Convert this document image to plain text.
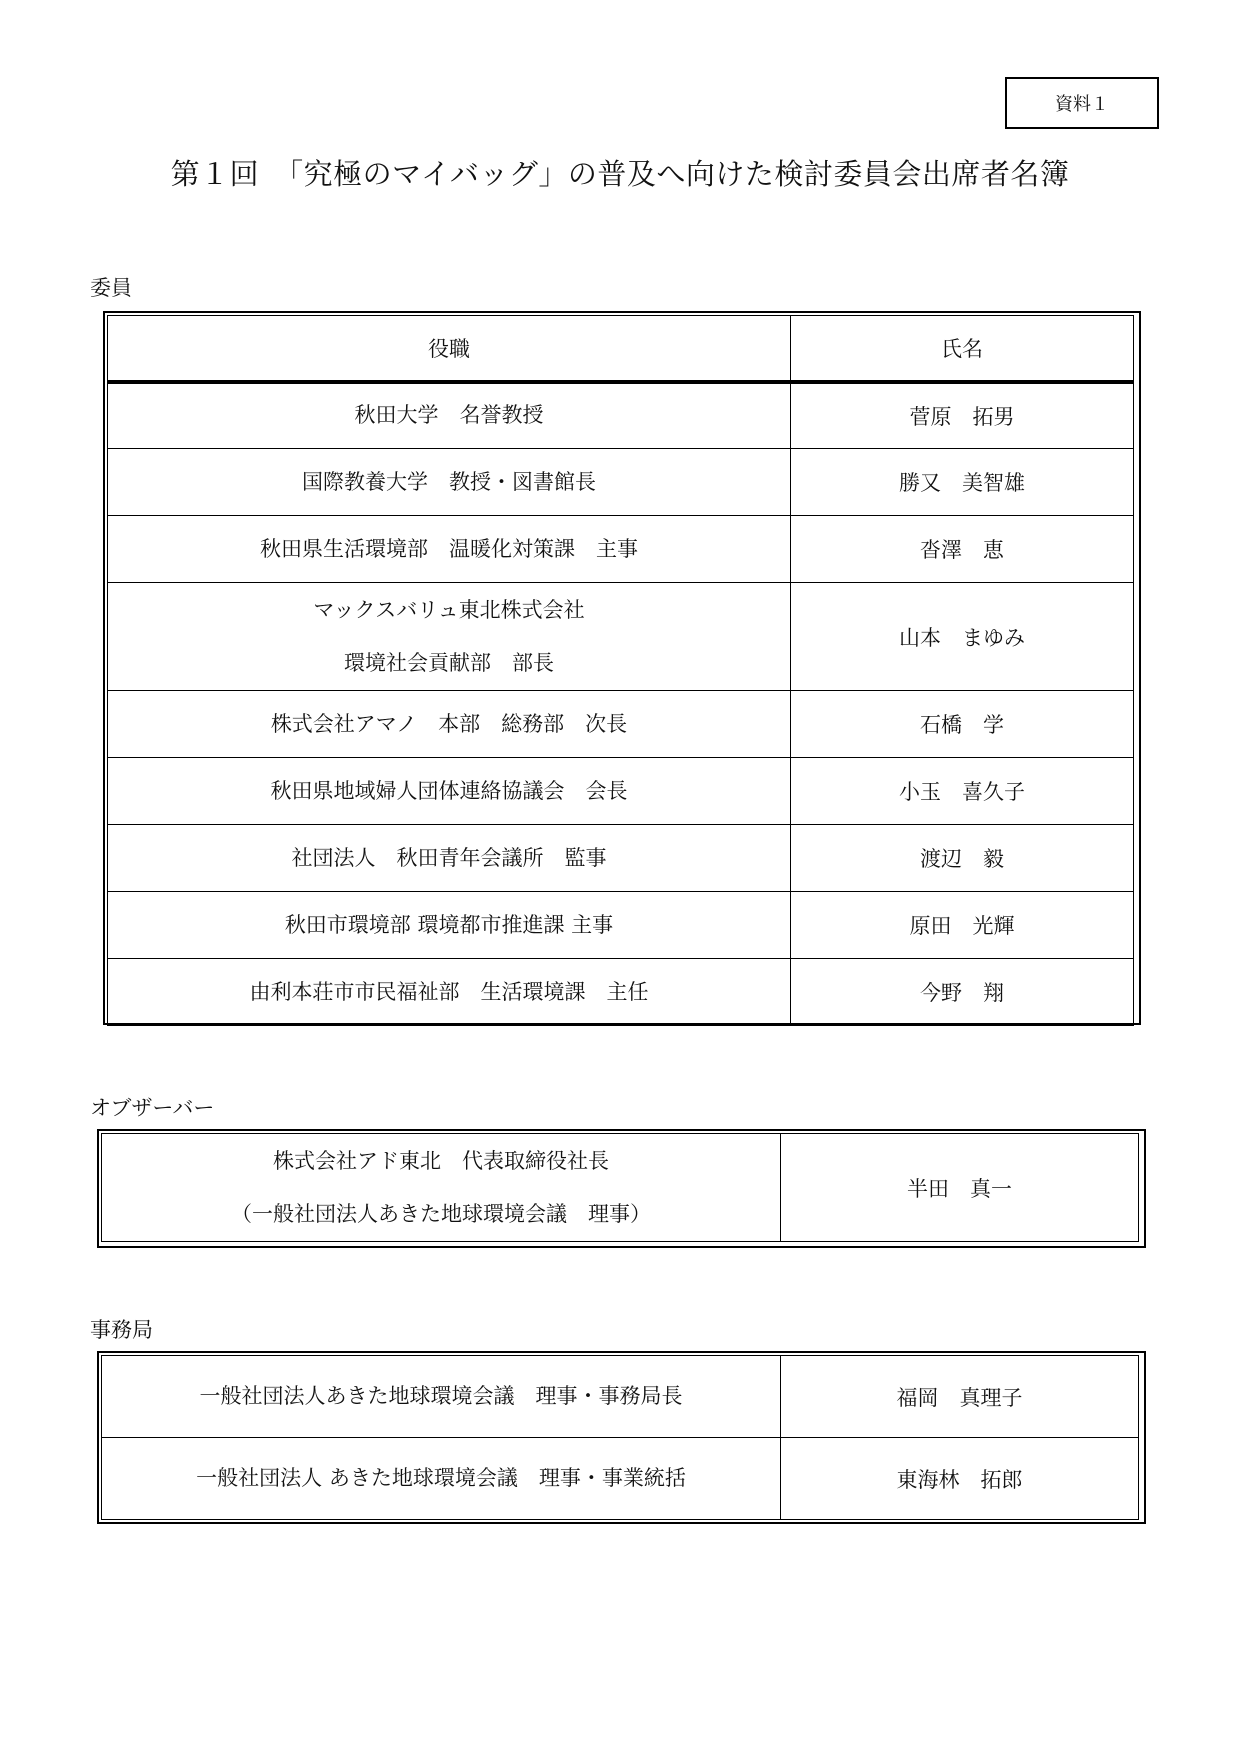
資料１
第１回　「究極のマイバッグ」の普及へ向けた検討委員会出席者名簿
委員
役職	氏名

秋田大学　名誉教授	菅原　拓男

国際教養大学　教授・図書館長	勝又　美智雄

秋田県生活環境部　温暖化対策課　主事	沓澤　恵

マックスバリュ東北株式会社
環境社会貢献部　部長	山本　まゆみ

株式会社アマノ　本部　総務部　次長	石橋　学

秋田県地域婦人団体連絡協議会　会長	小玉　喜久子

社団法人　秋田青年会議所　監事	渡辺　毅

秋田市環境部 環境都市推進課 主事	原田　光輝

由利本荘市市民福祉部　生活環境課　主任	今野　翔
オブザーバー
株式会社アド東北　代表取締役社長
（一般社団法人あきた地球環境会議　理事）
	半田　真一
事務局
一般社団法人あきた地球環境会議　理事・事務局長	福岡　真理子

一般社団法人 あきた地球環境会議　理事・事業統括	東海林　拓郎
